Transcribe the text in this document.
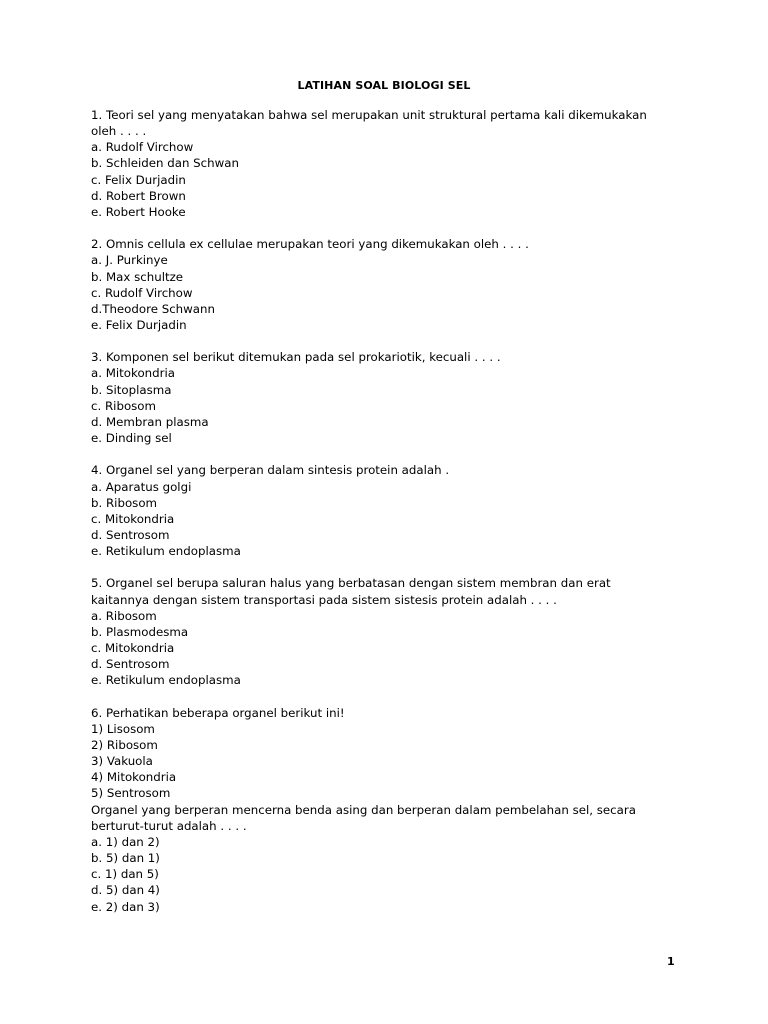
LATIHAN SOAL BIOLOGI SEL
1. Teori sel yang menyatakan bahwa sel merupakan unit struktural pertama kali dikemukakan
oleh . . . .
a. Rudolf Virchow
b. Schleiden dan Schwan
c. Felix Durjadin
d. Robert Brown
e. Robert Hooke
2. Omnis cellula ex cellulae merupakan teori yang dikemukakan oleh . . . .
a. J. Purkinye
b. Max schultze
c. Rudolf Virchow
d.Theodore Schwann
e. Felix Durjadin
3. Komponen sel berikut ditemukan pada sel prokariotik, kecuali . . . .
a. Mitokondria
b. Sitoplasma
c. Ribosom
d. Membran plasma
e. Dinding sel
4. Organel sel yang berperan dalam sintesis protein adalah .
a. Aparatus golgi
b. Ribosom
c. Mitokondria
d. Sentrosom
e. Retikulum endoplasma
5. Organel sel berupa saluran halus yang berbatasan dengan sistem membran dan erat
kaitannya dengan sistem transportasi pada sistem sistesis protein adalah . . . .
a. Ribosom
b. Plasmodesma
c. Mitokondria
d. Sentrosom
e. Retikulum endoplasma
6. Perhatikan beberapa organel berikut ini!
1) Lisosom
2) Ribosom
3) Vakuola
4) Mitokondria
5) Sentrosom
Organel yang berperan mencerna benda asing dan berperan dalam pembelahan sel, secara
berturut-turut adalah . . . .
a. 1) dan 2)
b. 5) dan 1)
c. 1) dan 5)
d. 5) dan 4)
e. 2) dan 3)
1
